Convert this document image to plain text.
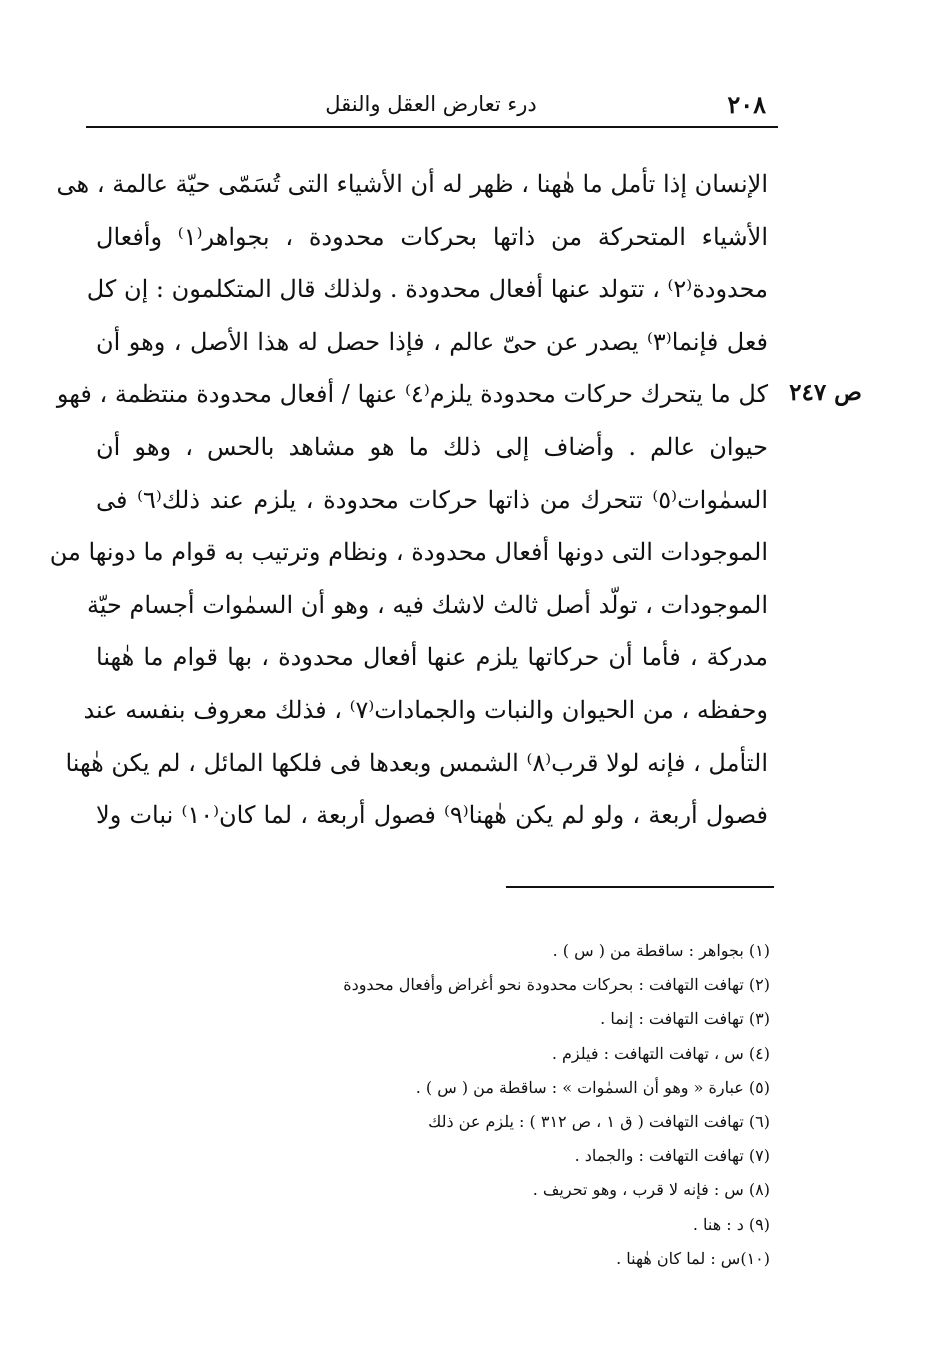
٢٠٨
درء تعارض العقل والنقل
ص ٢٤٧
الإنسان إذا تأمل ما هٰهنا ، ظهر له أن الأشياء التى تُسَمّى حيّة عالمة ، هى
الأشياء المتحركة من ذاتها بحركات محدودة ، بجواهر⁽١⁾ وأفعال
محدودة⁽٢⁾ ، تتولد عنها أفعال محدودة . ولذلك قال المتكلمون : إن كل
فعل فإنما⁽٣⁾ يصدر عن حىّ عالم ، فإذا حصل له هذا الأصل ، وهو أن
كل ما يتحرك حركات محدودة يلزم⁽٤⁾ عنها / أفعال محدودة منتظمة ، فهو
حيوان عالم . وأضاف إلى ذلك ما هو مشاهد بالحس ، وهو أن
السمٰوات⁽٥⁾ تتحرك من ذاتها حركات محدودة ، يلزم عند ذلك⁽٦⁾ فى
الموجودات التى دونها أفعال محدودة ، ونظام وترتيب به قوام ما دونها من
الموجودات ، تولّد أصل ثالث لاشك فيه ، وهو أن السمٰوات أجسام حيّة
مدركة ، فأما أن حركاتها يلزم عنها أفعال محدودة ، بها قوام ما هٰهنا
وحفظه ، من الحيوان والنبات والجمادات⁽٧⁾ ، فذلك معروف بنفسه عند
التأمل ، فإنه لولا قرب⁽٨⁾ الشمس وبعدها فى فلكها المائل ، لم يكن هٰهنا
فصول أربعة ، ولو لم يكن هٰهنا⁽٩⁾ فصول أربعة ، لما كان⁽١٠⁾ نبات ولا
(١) بجواهر : ساقطة من ( س ) .
(٢) تهافت التهافت : بحركات محدودة نحو أغراض وأفعال محدودة
(٣) تهافت التهافت : إنما .
(٤) س ، تهافت التهافت : فيلزم .
(٥) عبارة « وهو أن السمٰوات » : ساقطة من ( س ) .
(٦) تهافت التهافت ( ق ١ ، ص ٣١٢ ) : يلزم عن ذلك
(٧) تهافت التهافت : والجماد .
(٨) س : فإنه لا قرب ، وهو تحريف .
(٩) د : هنا .
(١٠)س : لما كان هٰهنا .
